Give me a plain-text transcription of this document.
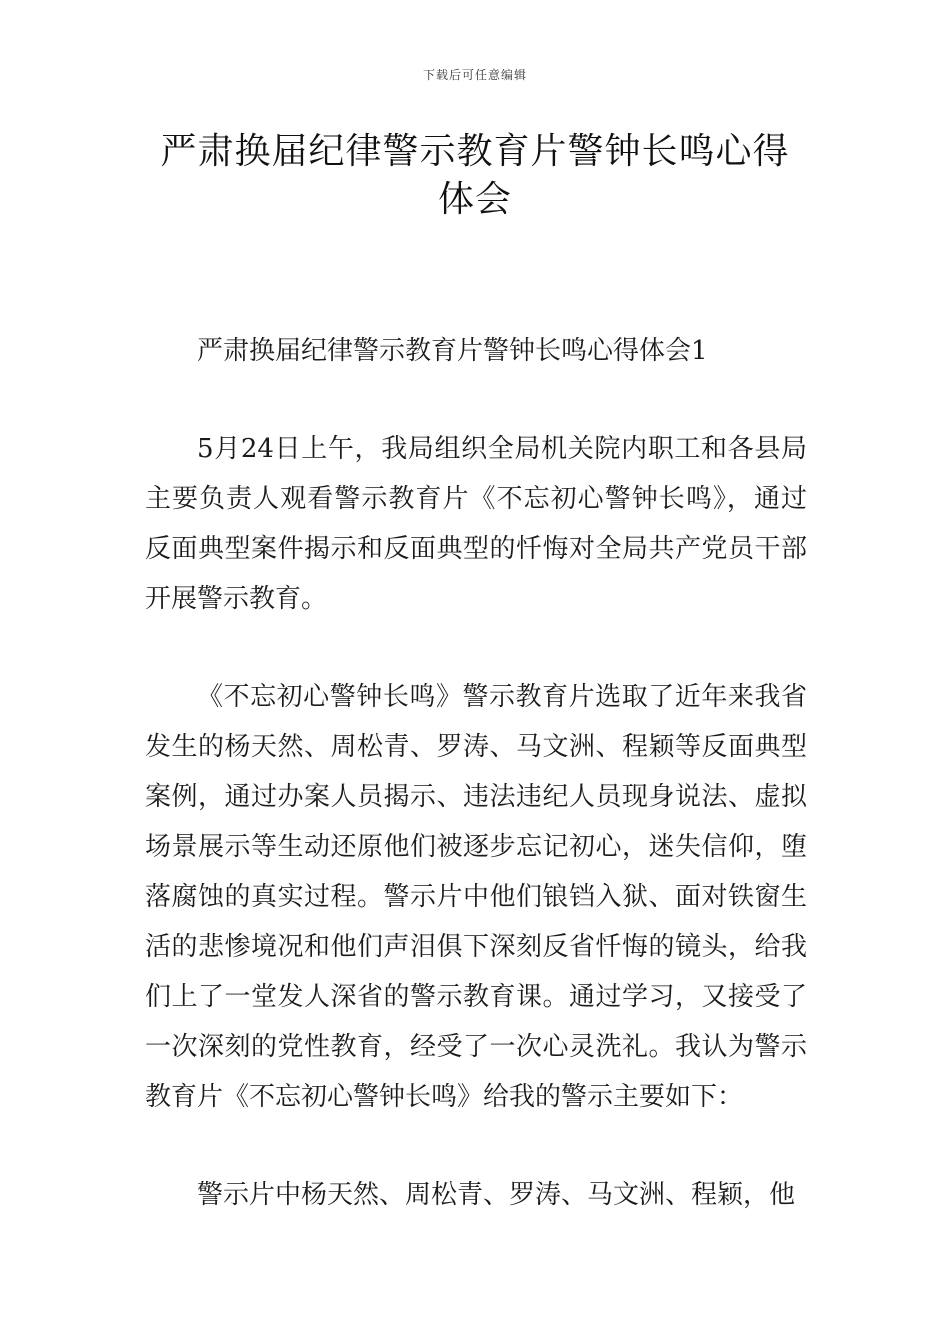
下载后可任意编辑
严肃换届纪律警示教育片警钟长鸣心得体会

严肃换届纪律警示教育片警钟长鸣心得体会1

5月24日上午，我局组织全局机关院内职工和各县局主要负责人观看警示教育片《不忘初心警钟长鸣》，通过反面典型案件揭示和反面典型的忏悔对全局共产党员干部开展警示教育。

《不忘初心警钟长鸣》警示教育片选取了近年来我省发生的杨天然、周松青、罗涛、马文洲、程颖等反面典型案例，通过办案人员揭示、违法违纪人员现身说法、虚拟场景展示等生动还原他们被逐步忘记初心，迷失信仰，堕落腐蚀的真实过程。警示片中他们锒铛入狱、面对铁窗生活的悲惨境况和他们声泪俱下深刻反省忏悔的镜头，给我们上了一堂发人深省的警示教育课。通过学习，又接受了一次深刻的党性教育，经受了一次心灵洗礼。我认为警示教育片《不忘初心警钟长鸣》给我的警示主要如下：

警示片中杨天然、周松青、罗涛、马文洲、程颖，他
